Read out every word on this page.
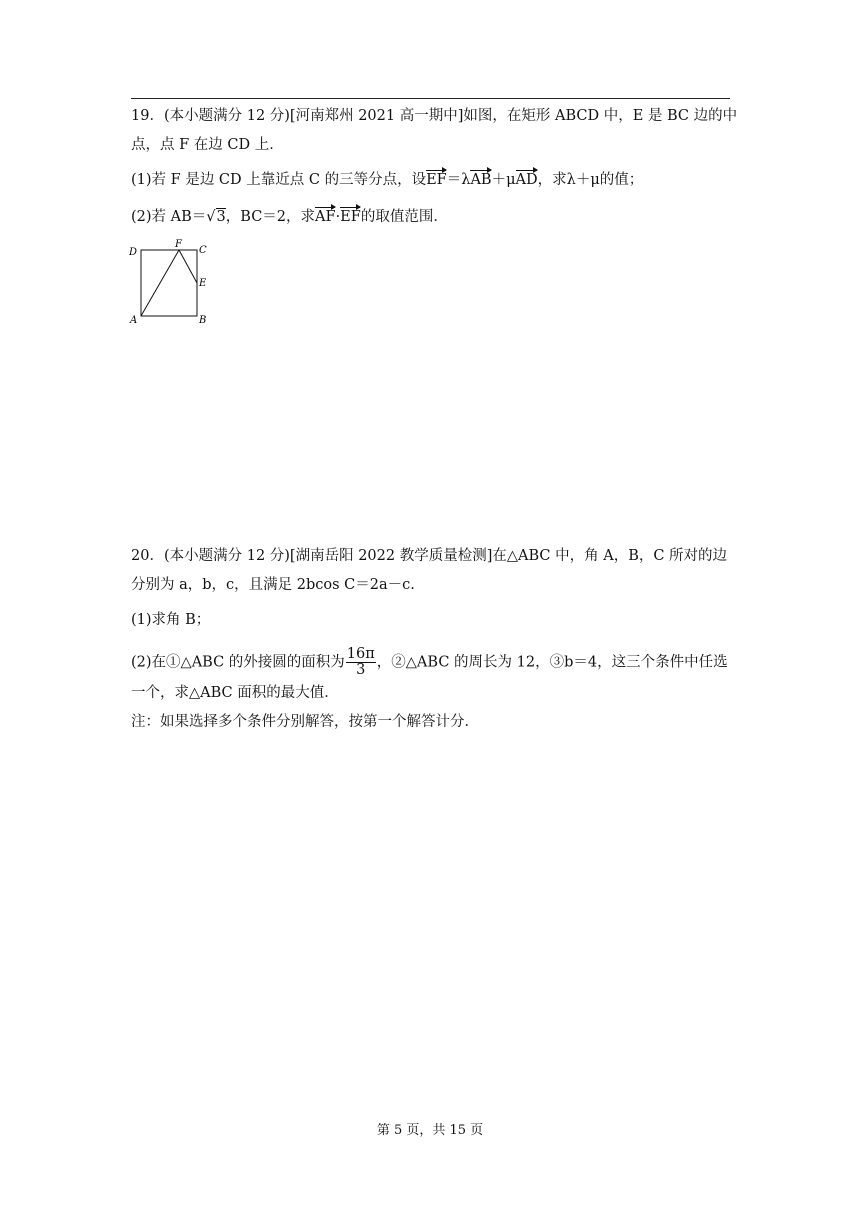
19．(本小题满分 12 分)[河南郑州 2021 高一期中]如图，在矩形 ABCD 中，E 是 BC 边的中
点，点 F 在边 CD 上．
(1)若 F 是边 CD 上靠近点 C 的三等分点，设EF＝λAB＋μAD，求λ＋μ的值；
(2)若 AB＝√3，BC＝2，求AF·EF的取值范围．
D
F
C
E
A	B
20．(本小题满分 12 分)[湖南岳阳 2022 教学质量检测]在△ABC 中，角 A，B，C 所对的边
分别为 a，b，c，且满足 2bcos C＝2a－c.
(1)求角 B；
(2)在①△ABC 的外接圆的面积为 $\frac{16\pi}{3}$ ，②△ABC 的周长为 12，③b＝4，这三个条件中任选
一个，求△ABC 面积的最大值．
注：如果选择多个条件分别解答，按第一个解答计分．
第 5 页，共 15 页
